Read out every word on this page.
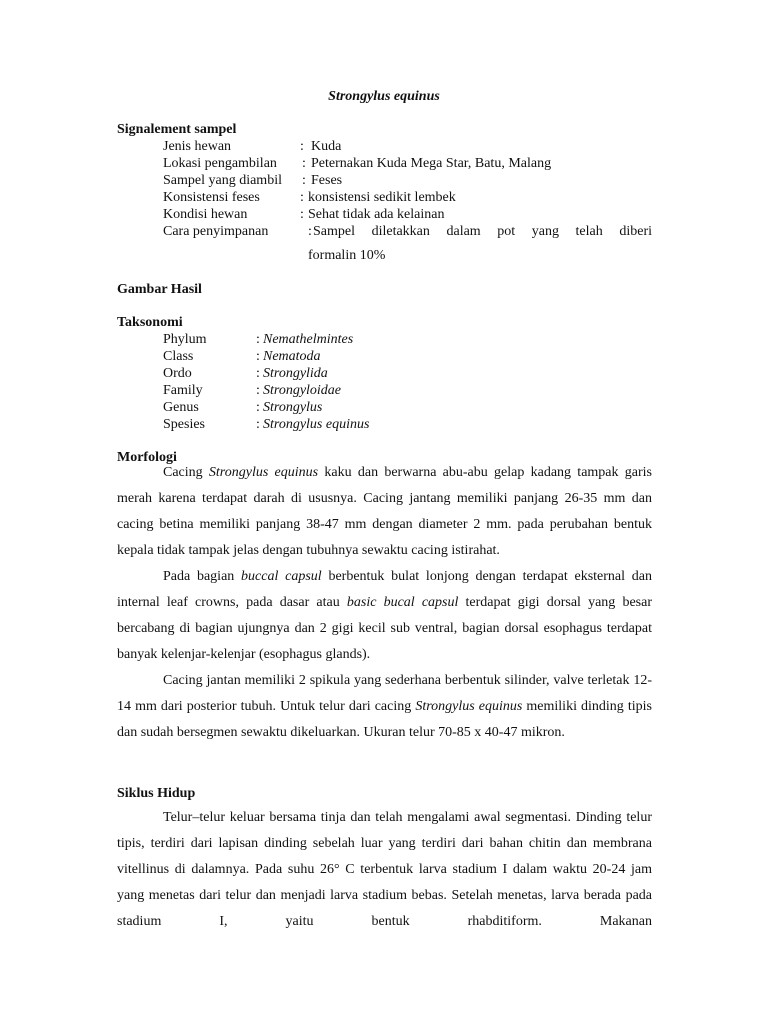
Strongylus equinus
Signalement sampel
Jenis hewan	: Kuda
Lokasi pengambilan : Peternakan Kuda Mega Star, Batu, Malang
Sampel yang diambil : Feses
Konsistensi feses	: konsistensi sedikit lembek
Kondisi hewan	: Sehat tidak ada kelainan
Cara penyimpanan	: Sampel diletakkan dalam pot yang telah diberi
formalin 10%
Gambar Hasil
Taksonomi
Phylum	: Nemathelmintes
Class	: Nematoda
Ordo	: Strongylida
Family	: Strongyloidae
Genus	: Strongylus
Spesies	: Strongylus equinus
Morfologi

Cacing Strongylus equinus kaku dan berwarna abu-abu gelap kadang tampak garis merah karena terdapat darah di ususnya. Cacing jantang memiliki panjang 26-35 mm dan cacing betina memiliki panjang 38-47 mm dengan diameter 2 mm. pada perubahan bentuk kepala tidak tampak jelas dengan tubuhnya sewaktu cacing istirahat.

Pada bagian buccal capsul berbentuk bulat lonjong dengan terdapat eksternal dan internal leaf crowns, pada dasar atau basic bucal capsul terdapat gigi dorsal yang besar bercabang di bagian ujungnya dan 2 gigi kecil sub ventral, bagian dorsal esophagus terdapat banyak kelenjar-kelenjar (esophagus glands).

Cacing jantan memiliki 2 spikula yang sederhana berbentuk silinder, valve terletak 12-14 mm dari posterior tubuh. Untuk telur dari cacing Strongylus equinus memiliki dinding tipis dan sudah bersegmen sewaktu dikeluarkan. Ukuran telur 70-85 x 40-47 mikron.

Siklus Hidup

Telur–telur keluar bersama tinja dan telah mengalami awal segmentasi. Dinding telur tipis, terdiri dari lapisan dinding sebelah luar yang terdiri dari bahan chitin dan membrana vitellinus di dalamnya. Pada suhu 26° C terbentuk larva stadium I dalam waktu 20-24 jam yang menetas dari telur dan menjadi larva stadium bebas. Setelah menetas, larva berada pada stadium I, yaitu bentuk rhabditiform. Makanan
